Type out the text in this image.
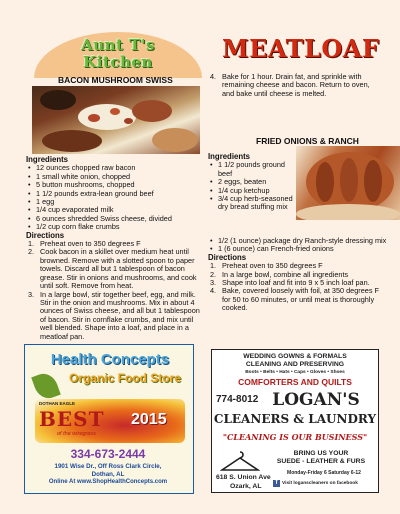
Aunt T's
Kitchen	MEATLOAF
BACON MUSHROOM SWISS
FRIED ONIONS & RANCH
Ingredients
• 12 ounces chopped raw bacon
• 1 small white onion, chopped
• 5 button mushrooms, chopped
• 1 1/2 pounds extra-lean ground beef
• 1 egg
• 1/4 cup evaporated milk
• 6 ounces shredded Swiss cheese, divided
• 1/2 cup corn flake crumbs
Directions
1. Preheat oven to 350 degrees F
2. Cook bacon in a skillet over medium heat until browned. Remove with a slotted spoon to paper towels. Discard all but 1 tablespoon of bacon grease. Stir in onions and mushrooms, and cook until soft. Remove from heat.
3. In a large bowl, stir together beef, egg, and milk. Stir in the onion and mushrooms. Mix in about 4 ounces of Swiss cheese, and all but 1 tablespoon of bacon. Stir in cornflake crumbs, and mix until well blended. Shape into a loaf, and place in a meatloaf pan.
4. Bake for 1 hour. Drain fat, and sprinkle with remaining cheese and bacon. Return to oven, and bake until cheese is melted.
Ingredients
• 1 1/2 pounds ground beef
• 2 eggs, beaten
• 1/4 cup ketchup
• 3/4 cup herb-seasoned dry bread stuffing mix
• 1/2 (1 ounce) package dry Ranch-style dressing mix
• 1 (6 ounce) can French-fried onions
Directions
1. Preheat oven to 350 degrees F
2. In a large bowl, combine all ingredients
3. Shape into loaf and fit into 9 x 5 inch loaf pan.
4. Bake, covered loosely with foil, at 350 degrees F for 50 to 60 minutes, or until meat is thoroughly cooked.
Health Concepts
Organic Food Store
DOTHAN EAGLE
BEST
of the wiregrass
2015
334-673-2444
1901 Wise Dr., Off Ross Clark Circle,
Dothan, AL
Online At www.ShopHealthConcepts.com
WEDDING GOWNS & FORMALS
CLEANING AND PRESERVING
Boots • Belts • Hats • Caps • Gloves • Shoes
COMFORTERS AND QUILTS
774-8012 LOGAN'S
CLEANERS & LAUNDRY
"CLEANING IS OUR BUSINESS"
BRING US YOUR
SUEDE - LEATHER & FURS
618 S. Union Ave
Ozark, AL
Monday-Friday 6 Saturday 6-12
f Visit loganscleaners on facebook
